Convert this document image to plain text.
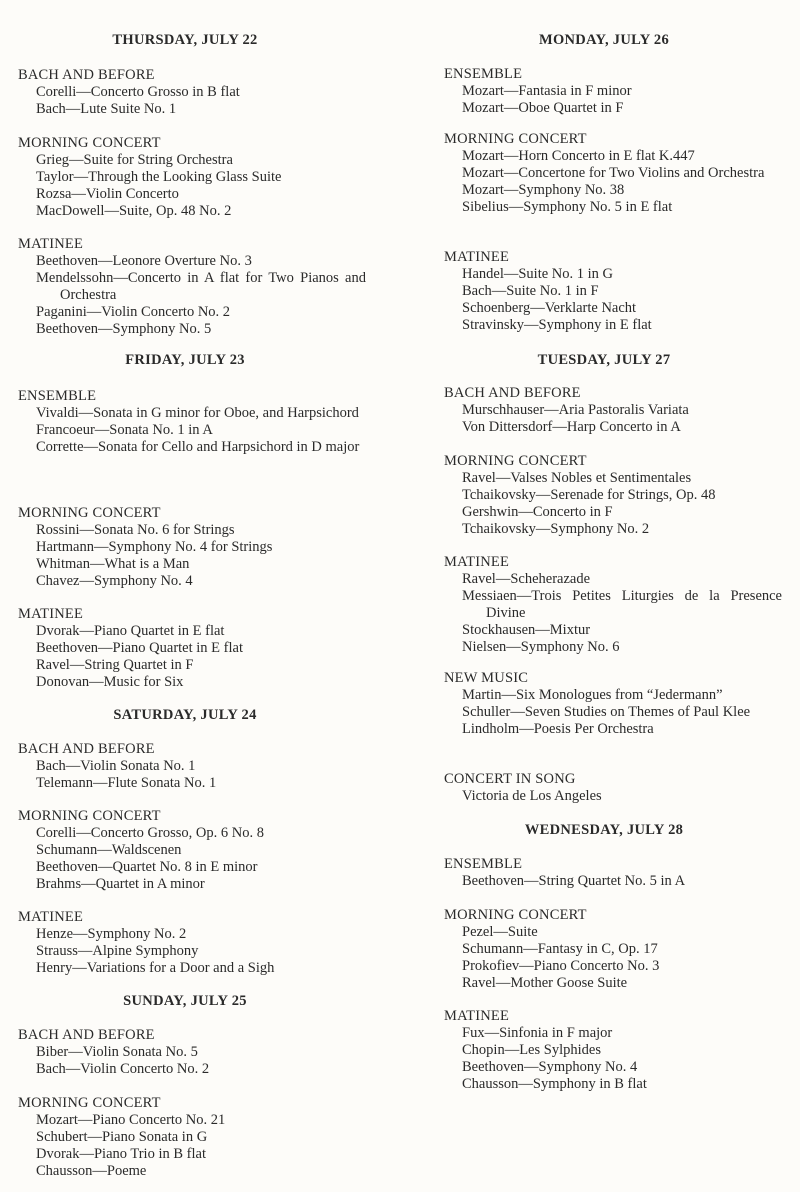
THURSDAY, JULY 22
BACH AND BEFORE
Corelli—Concerto Grosso in B flat
Bach—Lute Suite No. 1
MORNING CONCERT
Grieg—Suite for String Orchestra
Taylor—Through the Looking Glass Suite
Rozsa—Violin Concerto
MacDowell—Suite, Op. 48 No. 2
MATINEE
Beethoven—Leonore Overture No. 3
Mendelssohn—Concerto in A flat for Two Pianos and Orchestra
Paganini—Violin Concerto No. 2
Beethoven—Symphony No. 5
FRIDAY, JULY 23
ENSEMBLE
Vivaldi—Sonata in G minor for Oboe, and Harpsichord
Francoeur—Sonata No. 1 in A
Corrette—Sonata for Cello and Harpsichord in D major
MORNING CONCERT
Rossini—Sonata No. 6 for Strings
Hartmann—Symphony No. 4 for Strings
Whitman—What is a Man
Chavez—Symphony No. 4
MATINEE
Dvorak—Piano Quartet in E flat
Beethoven—Piano Quartet in E flat
Ravel—String Quartet in F
Donovan—Music for Six
SATURDAY, JULY 24
BACH AND BEFORE
Bach—Violin Sonata No. 1
Telemann—Flute Sonata No. 1
MORNING CONCERT
Corelli—Concerto Grosso, Op. 6 No. 8
Schumann—Waldscenen
Beethoven—Quartet No. 8 in E minor
Brahms—Quartet in A minor
MATINEE
Henze—Symphony No. 2
Strauss—Alpine Symphony
Henry—Variations for a Door and a Sigh
SUNDAY, JULY 25
BACH AND BEFORE
Biber—Violin Sonata No. 5
Bach—Violin Concerto No. 2
MORNING CONCERT
Mozart—Piano Concerto No. 21
Schubert—Piano Sonata in G
Dvorak—Piano Trio in B flat
Chausson—Poeme
MONDAY, JULY 26
ENSEMBLE
Mozart—Fantasia in F minor
Mozart—Oboe Quartet in F
MORNING CONCERT
Mozart—Horn Concerto in E flat K.447
Mozart—Concertone for Two Violins and Orchestra
Mozart—Symphony No. 38
Sibelius—Symphony No. 5 in E flat
MATINEE
Handel—Suite No. 1 in G
Bach—Suite No. 1 in F
Schoenberg—Verklarte Nacht
Stravinsky—Symphony in E flat
TUESDAY, JULY 27
BACH AND BEFORE
Murschhauser—Aria Pastoralis Variata
Von Dittersdorf—Harp Concerto in A
MORNING CONCERT
Ravel—Valses Nobles et Sentimentales
Tchaikovsky—Serenade for Strings, Op. 48
Gershwin—Concerto in F
Tchaikovsky—Symphony No. 2
MATINEE
Ravel—Scheherazade
Messiaen—Trois Petites Liturgies de la Presence Divine
Stockhausen—Mixtur
Nielsen—Symphony No. 6
NEW MUSIC
Martin—Six Monologues from “Jedermann”
Schuller—Seven Studies on Themes of Paul Klee
Lindholm—Poesis Per Orchestra
CONCERT IN SONG
Victoria de Los Angeles
WEDNESDAY, JULY 28
ENSEMBLE
Beethoven—String Quartet No. 5 in A
MORNING CONCERT
Pezel—Suite
Schumann—Fantasy in C, Op. 17
Prokofiev—Piano Concerto No. 3
Ravel—Mother Goose Suite
MATINEE
Fux—Sinfonia in F major
Chopin—Les Sylphides
Beethoven—Symphony No. 4
Chausson—Symphony in B flat
